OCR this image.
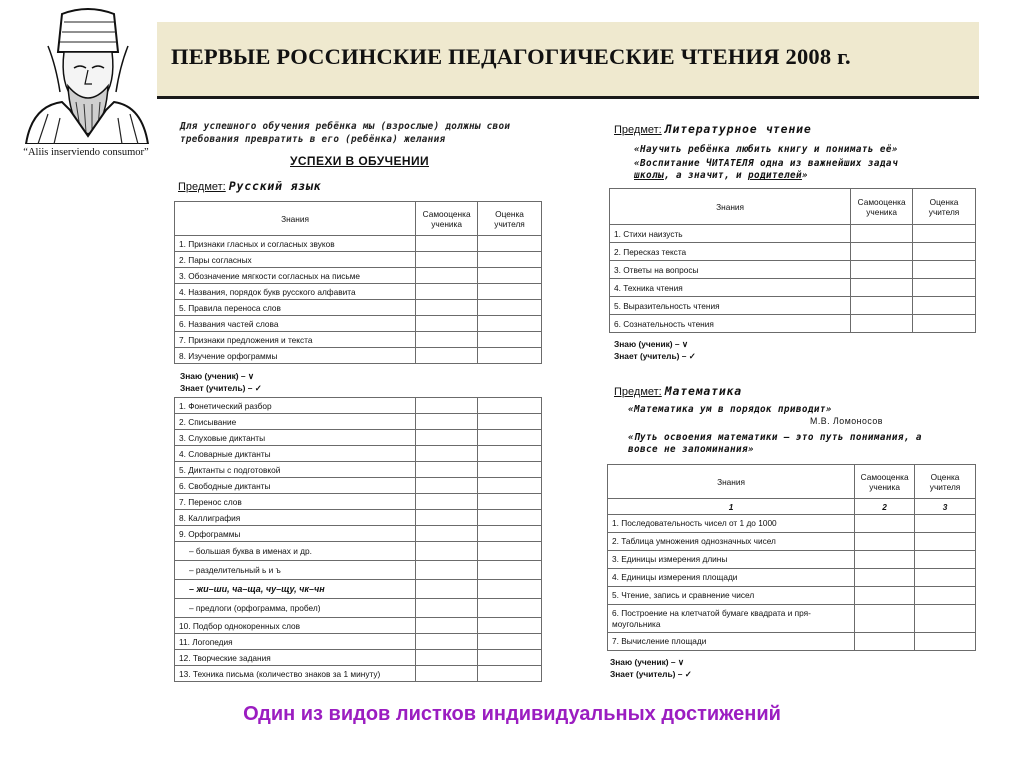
“Aliis inserviendo consumor”
ПЕРВЫЕ РОССИНСКИЕ ПЕДАГОГИЧЕСКИЕ ЧТЕНИЯ 2008 г.
Для успешного обучения ребёнка мы (взрослые) должны свои требования превратить в его (ребёнка) желания
УСПЕХИ В ОБУЧЕНИИ
Предмет: Русский язык
Знания	Самооценка ученика	Оценка учителя
1. Признаки гласных и согласных звуков		
2. Пары согласных		
3. Обозначение мягкости согласных на письме		
4. Названия, порядок букв русского алфавита		
5. Правила переноса слов		
6. Названия частей слова		
7. Признаки предложения и текста		
8. Изучение орфограммы		
Знаю (ученик) – ∨
Знает (учитель) – ✓
1. Фонетический разбор		
2. Списывание		
3. Слуховые диктанты		
4. Словарные диктанты		
5. Диктанты с подготовкой		
6. Свободные диктанты		
7. Перенос слов		
8. Каллиграфия		
9. Орфограммы		
– большая буква в именах и др.		
– разделительный ь и ъ		
– жи–ши, ча–ща, чу–щу, чк–чн		
– предлоги (орфограмма, пробел)		
10. Подбор однокоренных слов		
11. Логопедия		
12. Творческие задания		
13. Техника письма (количество знаков за 1 минуту)		
Предмет: Литературное чтение
«Научить ребёнка любить книгу и понимать её»
«Воспитание ЧИТАТЕЛЯ одна из важнейших задач
школы, а значит, и родителей»
Знания	Самооценка ученика	Оценка учителя
1. Стихи наизусть		
2. Пересказ текста		
3. Ответы на вопросы		
4. Техника чтения		
5. Выразительность чтения		
6. Сознательность чтения		
Знаю (ученик) – ∨
Знает (учитель) – ✓
Предмет: Математика
«Математика ум в порядок приводит»
М.В. Ломоносов
«Путь освоения математики – это путь понимания, а
вовсе не запоминания»
Знания	Самооценка ученика	Оценка учителя
1	2	3
1. Последовательность чисел от 1 до 1000		
2. Таблица умножения однозначных чисел		
3. Единицы измерения длины		
4. Единицы измерения площади		
5. Чтение, запись и сравнение чисел		
6. Построение на клетчатой бумаге квадрата и пря-моугольника		
7. Вычисление площади		
Знаю (ученик) – ∨
Знает (учитель) – ✓
Один из видов листков индивидуальных достижений
